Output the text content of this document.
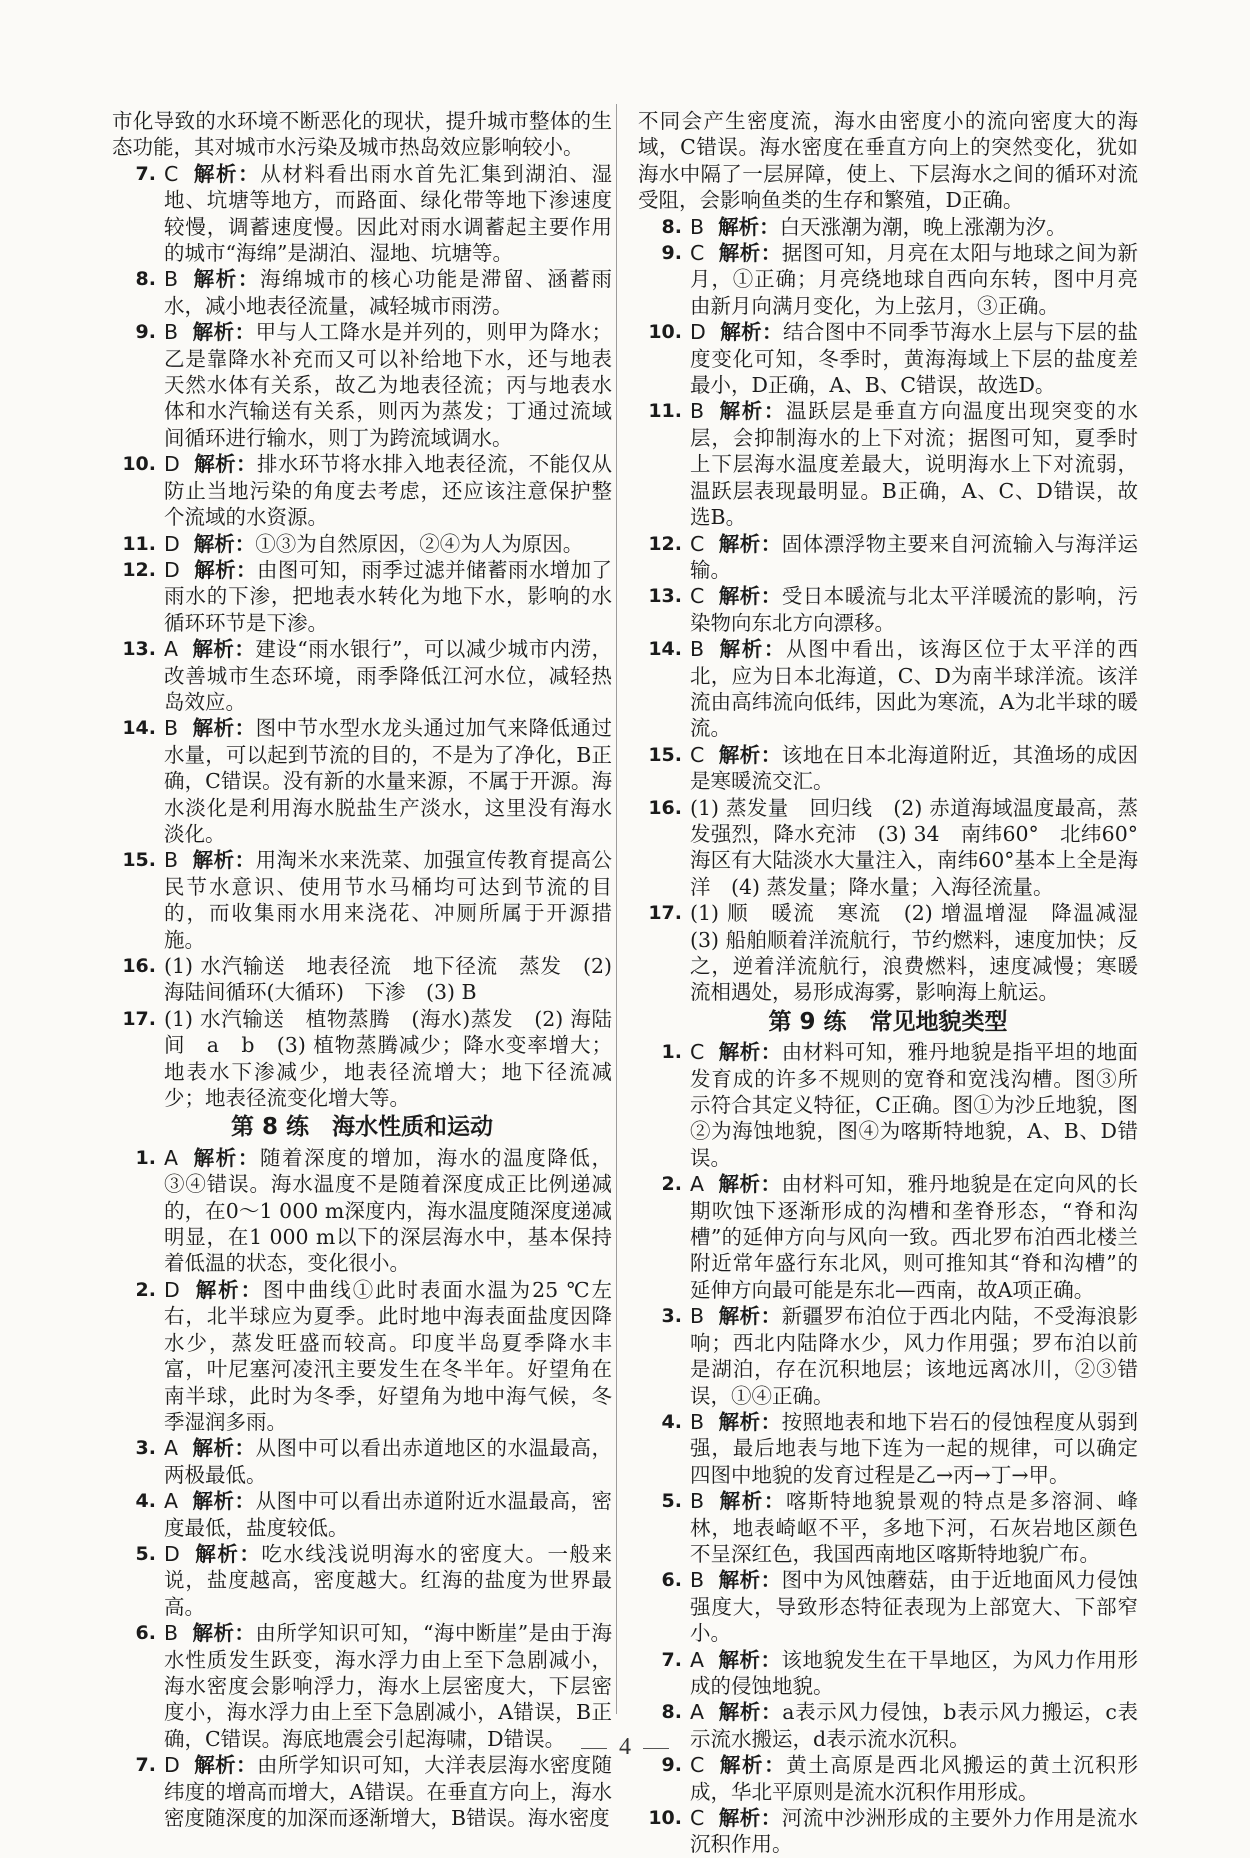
市化导致的水环境不断恶化的现状，提升城市整体的生态功能，其对城市水污染及城市热岛效应影响较小。

7. C 解析：从材料看出雨水首先汇集到湖泊、湿地、坑塘等地方，而路面、绿化带等地下渗速度较慢，调蓄速度慢。因此对雨水调蓄起主要作用的城市“海绵”是湖泊、湿地、坑塘等。

8. B 解析：海绵城市的核心功能是滞留、涵蓄雨水，减小地表径流量，减轻城市雨涝。

9. B 解析：甲与人工降水是并列的，则甲为降水；乙是靠降水补充而又可以补给地下水，还与地表天然水体有关系，故乙为地表径流；丙与地表水体和水汽输送有关系，则丙为蒸发；丁通过流域间循环进行输水，则丁为跨流域调水。

10. D 解析：排水环节将水排入地表径流，不能仅从防止当地污染的角度去考虑，还应该注意保护整个流域的水资源。

11. D 解析：①③为自然原因，②④为人为原因。

12. D 解析：由图可知，雨季过滤并储蓄雨水增加了雨水的下渗，把地表水转化为地下水，影响的水循环环节是下渗。

13. A 解析：建设“雨水银行”，可以减少城市内涝，改善城市生态环境，雨季降低江河水位，减轻热岛效应。

14. B 解析：图中节水型水龙头通过加气来降低通过水量，可以起到节流的目的，不是为了净化，B正确，C错误。没有新的水量来源，不属于开源。海水淡化是利用海水脱盐生产淡水，这里没有海水淡化。

15. B 解析：用淘米水来洗菜、加强宣传教育提高公民节水意识、使用节水马桶均可达到节流的目的，而收集雨水用来浇花、冲厕所属于开源措施。

16. (1) 水汽输送　地表径流　地下径流　蒸发　(2) 海陆间循环(大循环)　下渗　(3) B

17. (1) 水汽输送　植物蒸腾　(海水)蒸发　(2) 海陆间　a　b　(3) 植物蒸腾减少；降水变率增大；地表水下渗减少，地表径流增大；地下径流减少；地表径流变化增大等。

第 8 练　海水性质和运动

1. A 解析：随着深度的增加，海水的温度降低，③④错误。海水温度不是随着深度成正比例递减的，在0～1 000 m深度内，海水温度随深度递减明显，在1 000 m以下的深层海水中，基本保持着低温的状态，变化很小。

2. D 解析：图中曲线①此时表面水温为25 ℃左右，北半球应为夏季。此时地中海表面盐度因降水少，蒸发旺盛而较高。印度半岛夏季降水丰富，叶尼塞河凌汛主要发生在冬半年。好望角在南半球，此时为冬季，好望角为地中海气候，冬季湿润多雨。

3. A 解析：从图中可以看出赤道地区的水温最高，两极最低。

4. A 解析：从图中可以看出赤道附近水温最高，密度最低，盐度较低。

5. D 解析：吃水线浅说明海水的密度大。一般来说，盐度越高，密度越大。红海的盐度为世界最高。

6. B 解析：由所学知识可知，“海中断崖”是由于海水性质发生跃变，海水浮力由上至下急剧减小，海水密度会影响浮力，海水上层密度大，下层密度小，海水浮力由上至下急剧减小，A错误，B正确，C错误。海底地震会引起海啸，D错误。

7. D 解析：由所学知识可知，大洋表层海水密度随纬度的增高而增大，A错误。在垂直方向上，海水密度随深度的加深而逐渐增大，B错误。海水密度

不同会产生密度流，海水由密度小的流向密度大的海域，C错误。海水密度在垂直方向上的突然变化，犹如海水中隔了一层屏障，使上、下层海水之间的循环对流受阻，会影响鱼类的生存和繁殖，D正确。

8. B 解析：白天涨潮为潮，晚上涨潮为汐。

9. C 解析：据图可知，月亮在太阳与地球之间为新月，①正确；月亮绕地球自西向东转，图中月亮由新月向满月变化，为上弦月，③正确。

10. D 解析：结合图中不同季节海水上层与下层的盐度变化可知，冬季时，黄海海域上下层的盐度差最小，D正确，A、B、C错误，故选D。

11. B 解析：温跃层是垂直方向温度出现突变的水层，会抑制海水的上下对流；据图可知，夏季时上下层海水温度差最大，说明海水上下对流弱，温跃层表现最明显。B正确，A、C、D错误，故选B。

12. C 解析：固体漂浮物主要来自河流输入与海洋运输。

13. C 解析：受日本暖流与北太平洋暖流的影响，污染物向东北方向漂移。

14. B 解析：从图中看出，该海区位于太平洋的西北，应为日本北海道，C、D为南半球洋流。该洋流由高纬流向低纬，因此为寒流，A为北半球的暖流。

15. C 解析：该地在日本北海道附近，其渔场的成因是寒暖流交汇。

16. (1) 蒸发量　回归线　(2) 赤道海域温度最高，蒸发强烈，降水充沛　(3) 34　南纬60°　北纬60°海区有大陆淡水大量注入，南纬60°基本上全是海洋　(4) 蒸发量；降水量；入海径流量。

17. (1) 顺　暖流　寒流　(2) 增温增湿　降温减湿　(3) 船舶顺着洋流航行，节约燃料，速度加快；反之，逆着洋流航行，浪费燃料，速度减慢；寒暖流相遇处，易形成海雾，影响海上航运。

第 9 练　常见地貌类型

1. C 解析：由材料可知，雅丹地貌是指平坦的地面发育成的许多不规则的宽脊和宽浅沟槽。图③所示符合其定义特征，C正确。图①为沙丘地貌，图②为海蚀地貌，图④为喀斯特地貌，A、B、D错误。

2. A 解析：由材料可知，雅丹地貌是在定向风的长期吹蚀下逐渐形成的沟槽和垄脊形态，“脊和沟槽”的延伸方向与风向一致。西北罗布泊西北楼兰附近常年盛行东北风，则可推知其“脊和沟槽”的延伸方向最可能是东北—西南，故A项正确。

3. B 解析：新疆罗布泊位于西北内陆，不受海浪影响；西北内陆降水少，风力作用强；罗布泊以前是湖泊，存在沉积地层；该地远离冰川，②③错误，①④正确。

4. B 解析：按照地表和地下岩石的侵蚀程度从弱到强，最后地表与地下连为一起的规律，可以确定四图中地貌的发育过程是乙→丙→丁→甲。

5. B 解析：喀斯特地貌景观的特点是多溶洞、峰林，地表崎岖不平，多地下河，石灰岩地区颜色不呈深红色，我国西南地区喀斯特地貌广布。

6. B 解析：图中为风蚀蘑菇，由于近地面风力侵蚀强度大，导致形态特征表现为上部宽大、下部窄小。

7. A 解析：该地貌发生在干旱地区，为风力作用形成的侵蚀地貌。

8. A 解析：a表示风力侵蚀，b表示风力搬运，c表示流水搬运，d表示流水沉积。

9. C 解析：黄土高原是西北风搬运的黄土沉积形成，华北平原则是流水沉积作用形成。

10. C 解析：河流中沙洲形成的主要外力作用是流水沉积作用。

4
